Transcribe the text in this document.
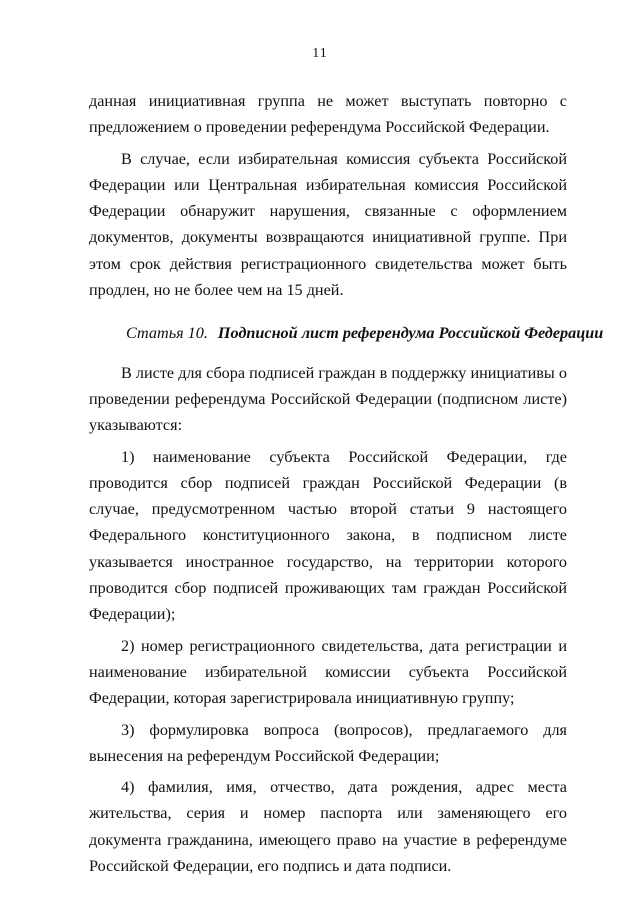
11

данная инициативная группа не может выступать повторно с предложением о проведении референдума Российской Федерации.

В случае, если избирательная комиссия субъекта Российской Федерации или Центральная избирательная комиссия Российской Федерации обнаружит нарушения, связанные с оформлением документов, документы возвращаются инициативной группе. При этом срок действия регистрационного свидетельства может быть продлен, но не более чем на 15 дней.

Статья 10. Подписной лист референдума Российской Федерации

В листе для сбора подписей граждан в поддержку инициативы о проведении референдума Российской Федерации (подписном листе) указываются:

1) наименование субъекта Российской Федерации, где проводится сбор подписей граждан Российской Федерации (в случае, предусмотренном частью второй статьи 9 настоящего Федерального конституционного закона, в подписном листе указывается иностранное государство, на территории которого проводится сбор подписей проживающих там граждан Российской Федерации);

2) номер регистрационного свидетельства, дата регистрации и наименование избирательной комиссии субъекта Российской Федерации, которая зарегистрировала инициативную группу;

3) формулировка вопроса (вопросов), предлагаемого для вынесения на референдум Российской Федерации;

4) фамилия, имя, отчество, дата рождения, адрес места жительства, серия и номер паспорта или заменяющего его документа гражданина, имеющего право на участие в референдуме Российской Федерации, его подпись и дата подписи.
